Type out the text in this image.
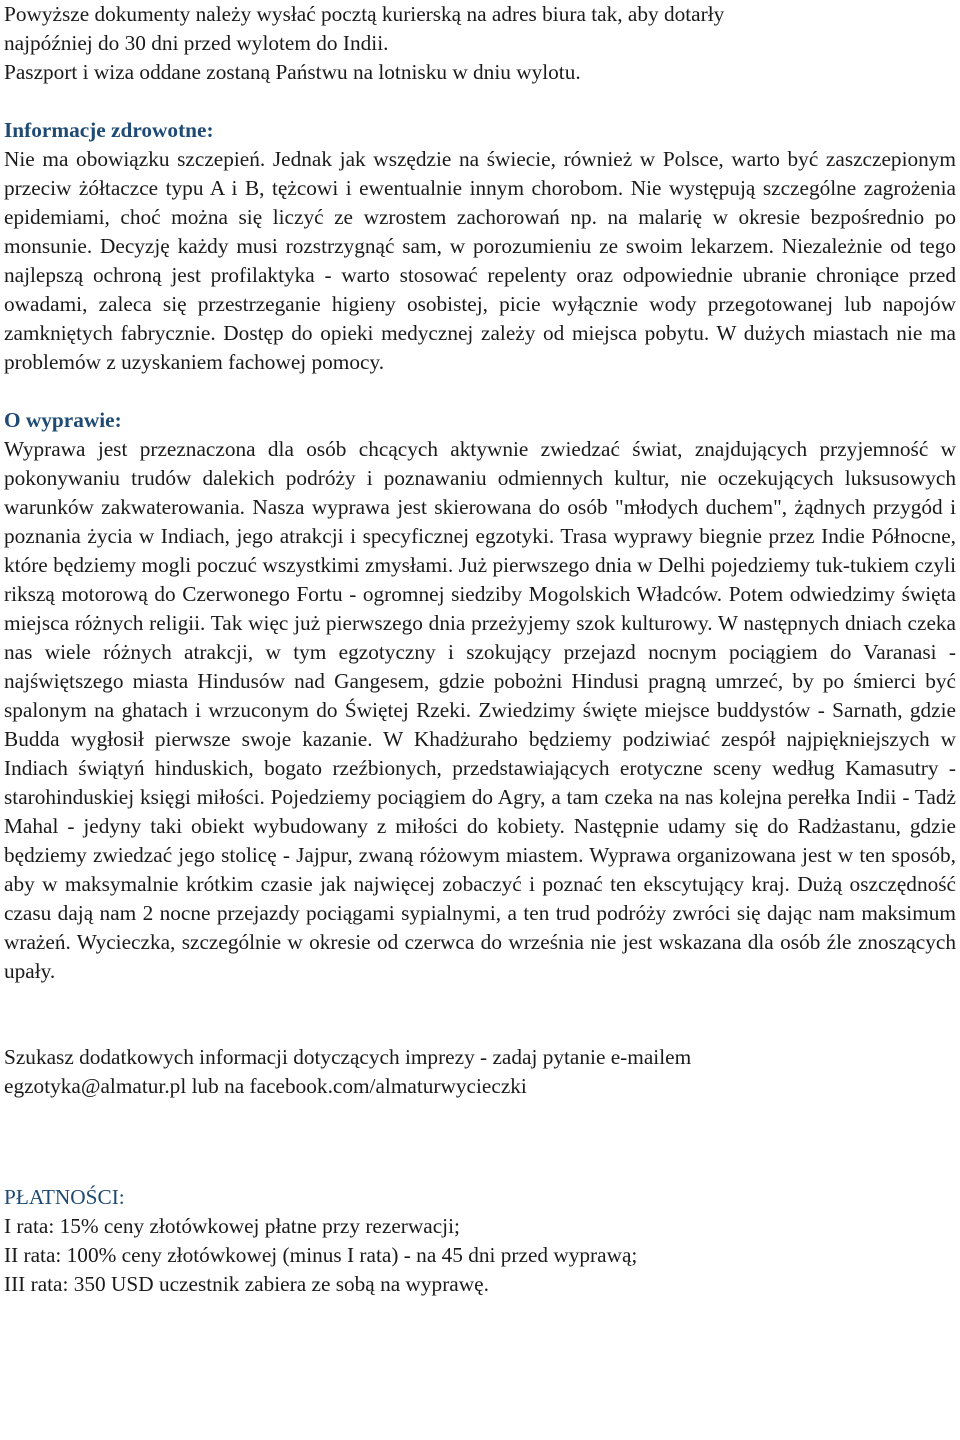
Powyższe dokumenty należy wysłać pocztą kurierską na adres biura tak, aby dotarły
najpóźniej do 30 dni przed wylotem do Indii.
Paszport i wiza oddane zostaną Państwu na lotnisku w dniu wylotu.
Informacje zdrowotne:

Nie ma obowiązku szczepień. Jednak jak wszędzie na świecie, również w Polsce, warto być zaszczepionym przeciw żółtaczce typu A i B, tężcowi i ewentualnie innym chorobom. Nie występują szczególne zagrożenia epidemiami, choć można się liczyć ze wzrostem zachorowań np. na malarię w okresie bezpośrednio po monsunie. Decyzję każdy musi rozstrzygnąć sam, w porozumieniu ze swoim lekarzem. Niezależnie od tego najlepszą ochroną jest profilaktyka - warto stosować repelenty oraz odpowiednie ubranie chroniące przed owadami, zaleca się przestrzeganie higieny osobistej, picie wyłącznie wody przegotowanej lub napojów zamkniętych fabrycznie. Dostęp do opieki medycznej zależy od miejsca pobytu. W dużych miastach nie ma problemów z uzyskaniem fachowej pomocy.

O wyprawie:

Wyprawa jest przeznaczona dla osób chcących aktywnie zwiedzać świat, znajdujących przyjemność w pokonywaniu trudów dalekich podróży i poznawaniu odmiennych kultur, nie oczekujących luksusowych warunków zakwaterowania. Nasza wyprawa jest skierowana do osób "młodych duchem", żądnych przygód i poznania życia w Indiach, jego atrakcji i specyficznej egzotyki. Trasa wyprawy biegnie przez Indie Północne, które będziemy mogli poczuć wszystkimi zmysłami. Już pierwszego dnia w Delhi pojedziemy tuk-tukiem czyli rikszą motorową do Czerwonego Fortu - ogromnej siedziby Mogolskich Władców. Potem odwiedzimy święta miejsca różnych religii. Tak więc już pierwszego dnia przeżyjemy szok kulturowy. W następnych dniach czeka nas wiele różnych atrakcji, w tym egzotyczny i szokujący przejazd nocnym pociągiem do Varanasi - najświętszego miasta Hindusów nad Gangesem, gdzie pobożni Hindusi pragną umrzeć, by po śmierci być spalonym na ghatach i wrzuconym do Świętej Rzeki. Zwiedzimy święte miejsce buddystów - Sarnath, gdzie Budda wygłosił pierwsze swoje kazanie. W Khadżuraho będziemy podziwiać zespół najpiękniejszych w Indiach świątyń hinduskich, bogato rzeźbionych, przedstawiających erotyczne sceny według Kamasutry - starohinduskiej księgi miłości. Pojedziemy pociągiem do Agry, a tam czeka na nas kolejna perełka Indii - Tadż Mahal - jedyny taki obiekt wybudowany z miłości do kobiety. Następnie udamy się do Radżastanu, gdzie będziemy zwiedzać jego stolicę - Jajpur, zwaną różowym miastem. Wyprawa organizowana jest w ten sposób, aby w maksymalnie krótkim czasie jak najwięcej zobaczyć i poznać ten ekscytujący kraj. Dużą oszczędność czasu dają nam 2 nocne przejazdy pociągami sypialnymi, a ten trud podróży zwróci się dając nam maksimum wrażeń. Wycieczka, szczególnie w okresie od czerwca do września nie jest wskazana dla osób źle znoszących upały.

Szukasz dodatkowych informacji dotyczących imprezy - zadaj pytanie e-mailem
egzotyka@almatur.pl lub na facebook.com/almaturwycieczki
PŁATNOŚCI:
I rata: 15% ceny złotówkowej płatne przy rezerwacji;
II rata: 100% ceny złotówkowej (minus I rata) - na 45 dni przed wyprawą;
III rata: 350 USD uczestnik zabiera ze sobą na wyprawę.
